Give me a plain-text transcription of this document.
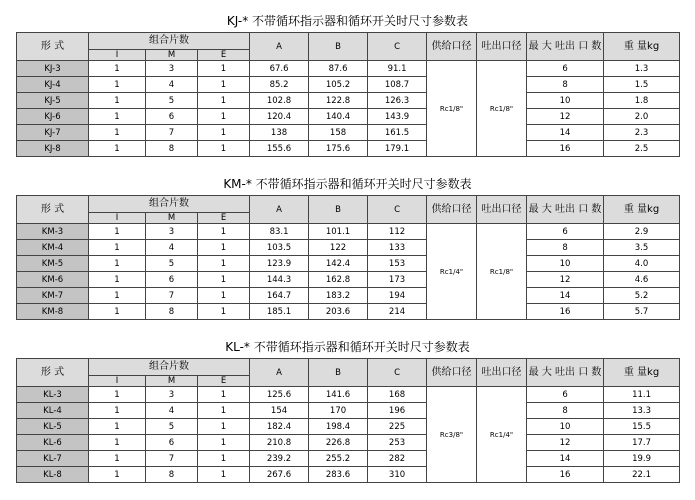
KJ-* 不带循环指示器和循环开关时尺寸参数表
形 式	组合片数			A	B	C	供给口径	吐出口径	最 大 吐出 口 数	重 量kg
	I	M	E							
KJ-3	1	3	1	67.6	87.6	91.1	Rc1/8"	Rc1/8"	6	1.3
KJ-4	1	4	1	85.2	105.2	108.7			8	1.5
KJ-5	1	5	1	102.8	122.8	126.3			10	1.8
KJ-6	1	6	1	120.4	140.4	143.9			12	2.0
KJ-7	1	7	1	138	158	161.5			14	2.3
KJ-8	1	8	1	155.6	175.6	179.1			16	2.5
KM-* 不带循环指示器和循环开关时尺寸参数表
形 式	组合片数			A	B	C	供给口径	吐出口径	最 大 吐出 口 数	重 量kg
	I	M	E							
KM-3	1	3	1	83.1	101.1	112	Rc1/4"	Rc1/8"	6	2.9
KM-4	1	4	1	103.5	122	133			8	3.5
KM-5	1	5	1	123.9	142.4	153			10	4.0
KM-6	1	6	1	144.3	162.8	173			12	4.6
KM-7	1	7	1	164.7	183.2	194			14	5.2
KM-8	1	8	1	185.1	203.6	214			16	5.7
KL-* 不带循环指示器和循环开关时尺寸参数表
形 式	组合片数			A	B	C	供给口径	吐出口径	最 大 吐出 口 数	重 量kg
	I	M	E							
KL-3	1	3	1	125.6	141.6	168	Rc3/8"	Rc1/4"	6	11.1
KL-4	1	4	1	154	170	196			8	13.3
KL-5	1	5	1	182.4	198.4	225			10	15.5
KL-6	1	6	1	210.8	226.8	253			12	17.7
KL-7	1	7	1	239.2	255.2	282			14	19.9
KL-8	1	8	1	267.6	283.6	310			16	22.1
